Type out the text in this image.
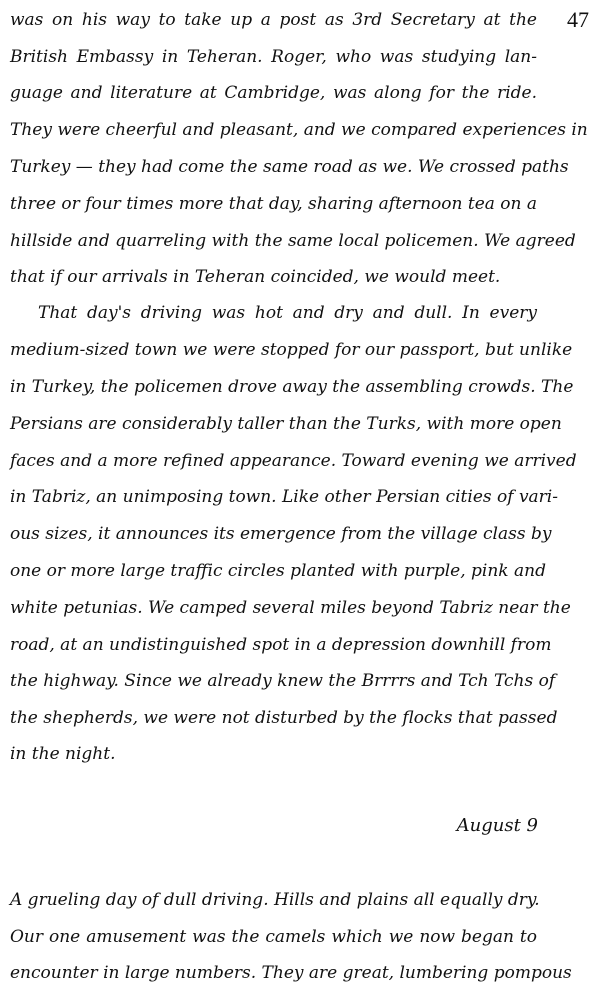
47
was on his way to take up a post as 3rd Secretary at the
British Embassy in Teheran. Roger, who was studying lan-
guage and literature at Cambridge, was along for the ride.
They were cheerful and pleasant, and we compared experiences in
Turkey — they had come the same road as we. We crossed paths
three or four times more that day, sharing afternoon tea on a
hillside and quarreling with the same local policemen. We agreed
that if our arrivals in Teheran coincided, we would meet.
That day's driving was hot and dry and dull. In every
medium-sized town we were stopped for our passport, but unlike
in Turkey, the policemen drove away the assembling crowds. The
Persians are considerably taller than the Turks, with more open
faces and a more refined appearance. Toward evening we arrived
in Tabriz, an unimposing town. Like other Persian cities of vari-
ous sizes, it announces its emergence from the village class by
one or more large traffic circles planted with purple, pink and
white petunias. We camped several miles beyond Tabriz near the
road, at an undistinguished spot in a depression downhill from
the highway. Since we already knew the Brrrrs and Tch Tchs of
the shepherds, we were not disturbed by the flocks that passed
in the night.
August 9
A grueling day of dull driving. Hills and plains all equally dry.
Our one amusement was the camels which we now began to
encounter in large numbers. They are great, lumbering pompous
